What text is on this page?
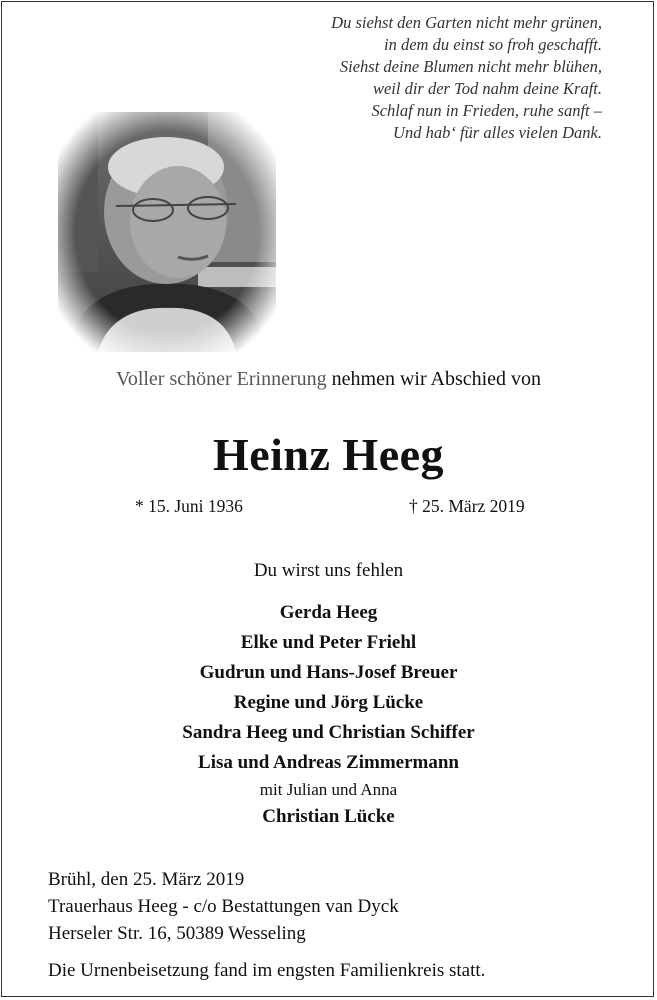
Du siehst den Garten nicht mehr grünen,
in dem du einst so froh geschafft.
Siehst deine Blumen nicht mehr blühen,
weil dir der Tod nahm deine Kraft.
Schlaf nun in Frieden, ruhe sanft –
Und hab‘ für alles vielen Dank.
Voller schöner Erinnerung nehmen wir Abschied von
Heinz Heeg
* 15. Juni 1936	† 25. März 2019
Du wirst uns fehlen
Gerda Heeg
Elke und Peter Friehl
Gudrun und Hans-Josef Breuer
Regine und Jörg Lücke
Sandra Heeg und Christian Schiffer
Lisa und Andreas Zimmermann
mit Julian und Anna
Christian Lücke
Brühl, den 25. März 2019
Trauerhaus Heeg - c/o Bestattungen van Dyck
Herseler Str. 16, 50389 Wesseling
Die Urnenbeisetzung fand im engsten Familienkreis statt.
